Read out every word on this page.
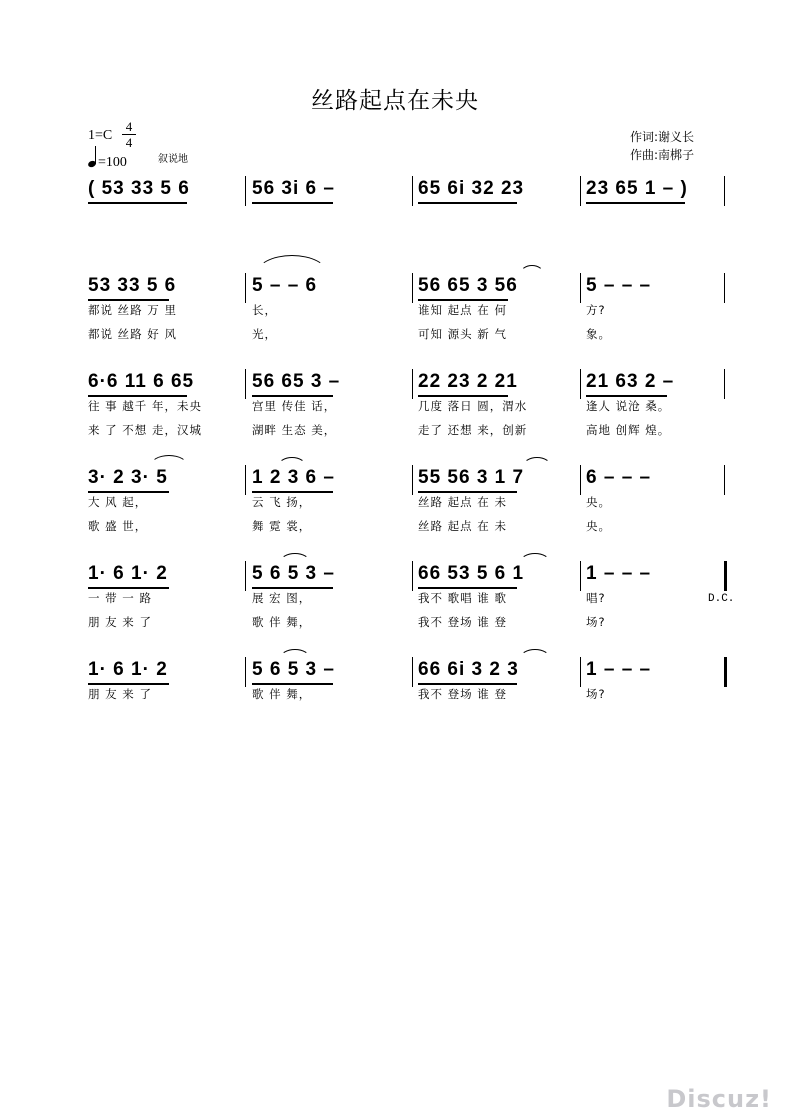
丝路起点在未央
1=C
4
4
=100	叙说地
作词:谢义长
作曲:南梆子
( 53 33 5 6	56 3i 6 –	65 6i 32 23	23 65 1 – )
53 33 5 6	5 – – 6	56 65 3 56	5 – – –
都说 丝路 万 里	长，	谁知 起点 在 何	方?
都说 丝路 好 风	光，	可知 源头 新 气	象。
6·6 11 6 65	56 65 3 –	22 23 2 21	21 63 2 –
往 事 越千 年，未央	宫里 传佳 话，	几度 落日 圆，渭水	逢人 说沧 桑。
来 了 不想 走，汉城	湖畔 生态 美，	走了 还想 来，创新	高地 创辉 煌。
3· 2 3· 5	1 2 3 6 –	55 56 3 1 7	6 – – –
大 风 起，	云 飞 扬，	丝路 起点 在 未	央。
歌 盛 世，	舞 霓 裳，	丝路 起点 在 未	央。
1· 6 1· 2	5 6 5 3 –	66 53 5 6 1	1 – – –
一 带 一 路	展 宏 图，	我不 歌唱 谁 歌	唱?
朋 友 来 了	歌 伴 舞，	我不 登场 谁 登	场?
D.C.
1· 6 1· 2	5 6 5 3 –	66 6i 3 2 3	1 – – –
朋 友 来 了	歌 伴 舞，	我不 登场 谁 登	场?
Discuz!
